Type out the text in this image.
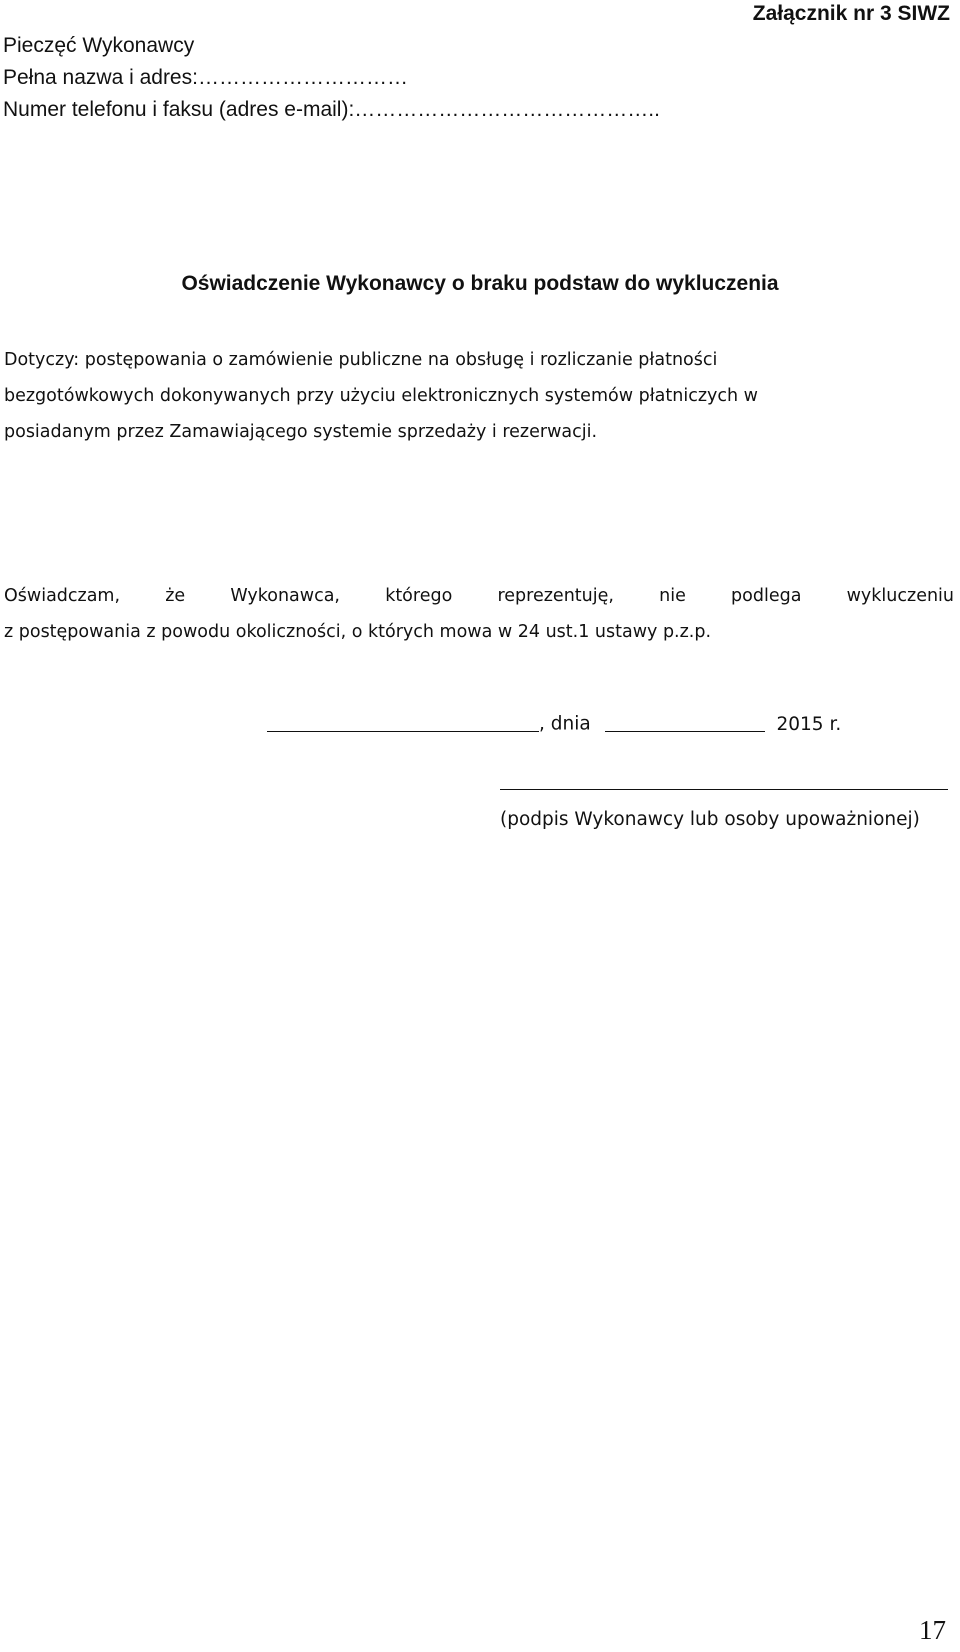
Załącznik nr 3 SIWZ
Pieczęć Wykonawcy
Pełna nazwa i adres:…………………………
Numer telefonu i faksu (adres e-mail):……………………………………..
Oświadczenie Wykonawcy o braku podstaw do wykluczenia
Dotyczy: postępowania o zamówienie publiczne na obsługę i rozliczanie płatności
bezgotówkowych dokonywanych przy użyciu elektronicznych systemów płatniczych w
posiadanym przez Zamawiającego systemie sprzedaży i rezerwacji.
Oświadczam, że Wykonawca, którego reprezentuję, nie podlega wykluczeniu
z postępowania z powodu okoliczności, o których mowa w 24 ust.1 ustawy p.z.p.
, dnia	2015 r.
(podpis Wykonawcy lub osoby upoważnionej)
17
